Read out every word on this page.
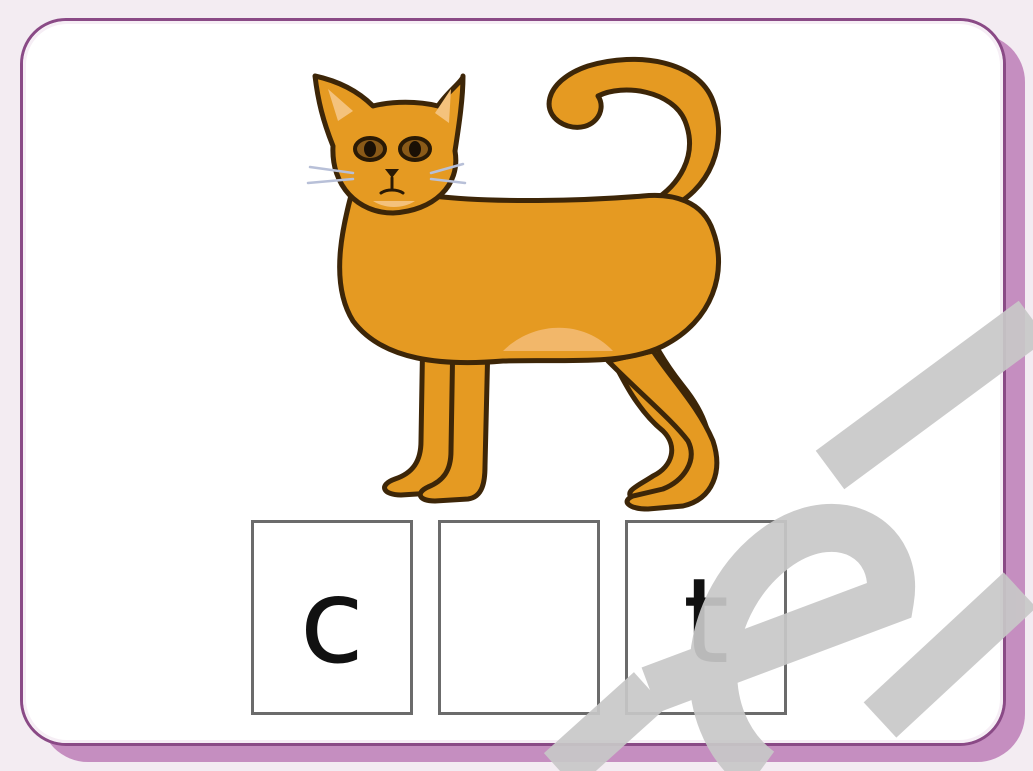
c	t
